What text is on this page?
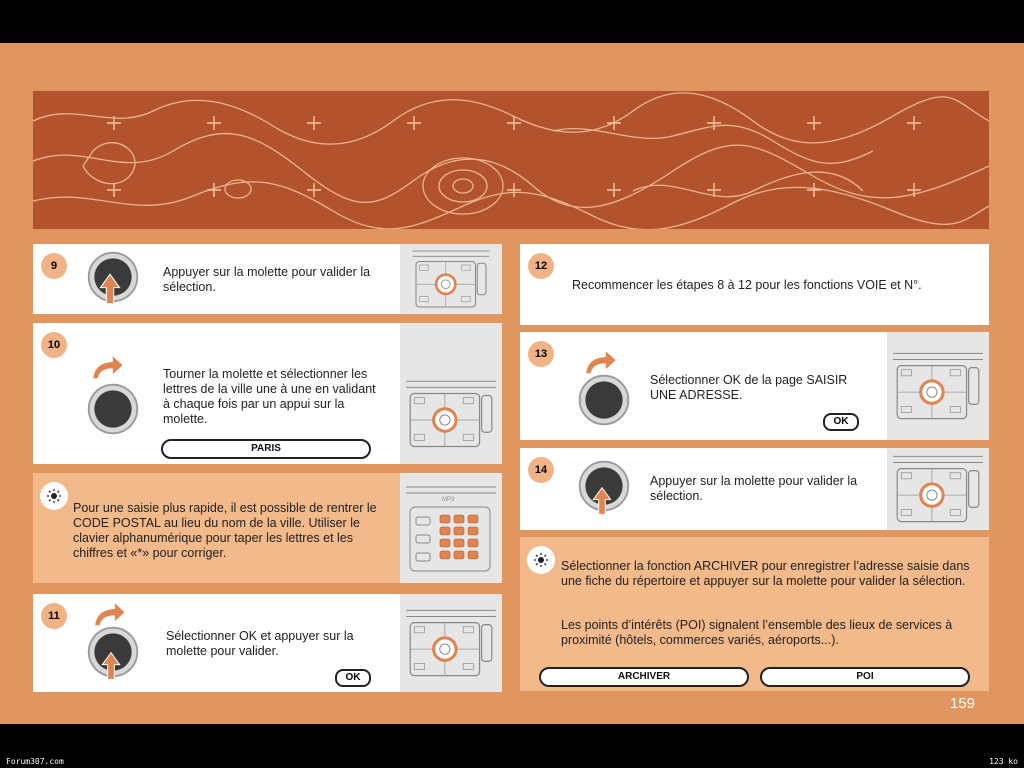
9	Appuyer sur la molette pour valider la sélection.
10
Tourner la molette et sélectionner les lettres de la ville une à une en validant à chaque fois par un appui sur la molette.
PARIS
Pour une saisie plus rapide, il est possible de rentrer le CODE POSTAL au lieu du nom de la ville. Utiliser le clavier alphanumérique pour taper les lettres et les chiffres et «*» pour corriger.
MP3
11
Sélectionner OK et appuyer sur la molette pour valider.
OK
12
Recommencer les étapes 8 à 12 pour les fonctions VOIE et N°.
13
Sélectionner OK de la page SAISIR UNE ADRESSE.
OK
14
Appuyer sur la molette pour valider la sélection.
Sélectionner la fonction ARCHIVER pour enregistrer l’adresse saisie dans une fiche du répertoire et appuyer sur la molette pour valider la sélection.
Les points d’intérêts (POI) signalent l’ensemble des lieux de services à proximité (hôtels, commerces variés, aéroports...).
ARCHIVER	POI
159
Forum307.com	123 ko
